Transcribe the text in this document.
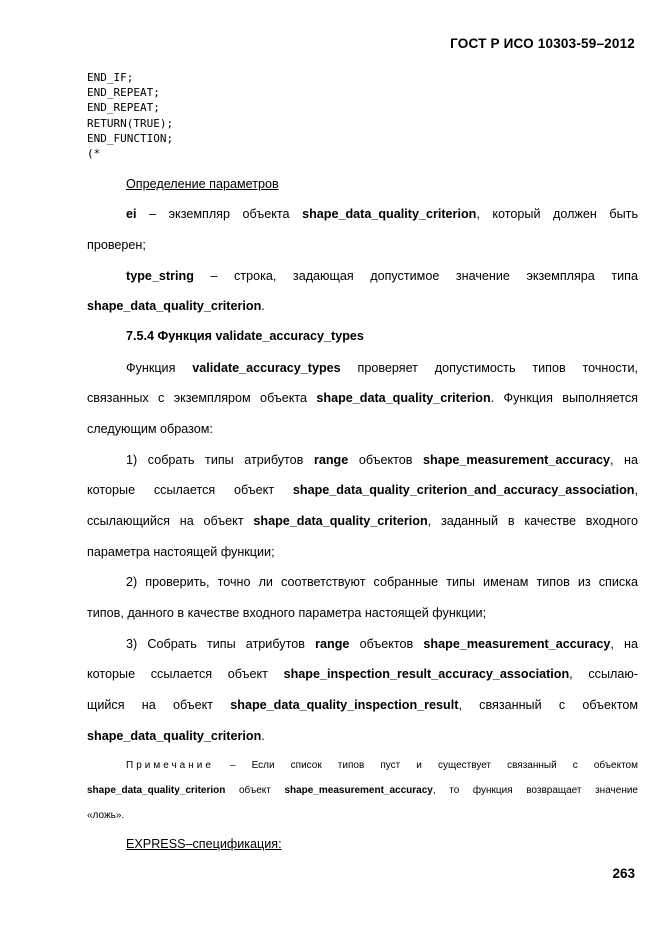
ГОСТ Р ИСО 10303-59–2012
END_IF;
END_REPEAT;
END_REPEAT;
RETURN(TRUE);
END_FUNCTION;
(*
Определение параметров
ei – экземпляр объекта shape_data_quality_criterion, который должен быть
проверен;
type_string – строка, задающая допустимое значение экземпляра типа
shape_data_quality_criterion.
7.5.4 Функция validate_accuracy_types
Функция validate_accuracy_types проверяет допустимость типов точности,
связанных с экземпляром объекта shape_data_quality_criterion. Функция выполняется
следующим образом:
1) собрать типы атрибутов range объектов shape_measurement_accuracy, на
которые ссылается объект shape_data_quality_criterion_and_accuracy_association,
ссылающийся на объект shape_data_quality_criterion, заданный в качестве входного
параметра настоящей функции;
2) проверить, точно ли соответствуют собранные типы именам типов из списка
типов, данного в качестве входного параметра настоящей функции;
3) Собрать типы атрибутов range объектов shape_measurement_accuracy, на
которые ссылается объект shape_inspection_result_accuracy_association, ссылаю-
щийся на объект shape_data_quality_inspection_result, связанный с объектом
shape_data_quality_criterion.
Примечание – Если список типов пуст и существует связанный с объектом
shape_data_quality_criterion объект shape_measurement_accuracy, то функция возвращает значение
«ложь».
EXPRESS–спецификация:
263
